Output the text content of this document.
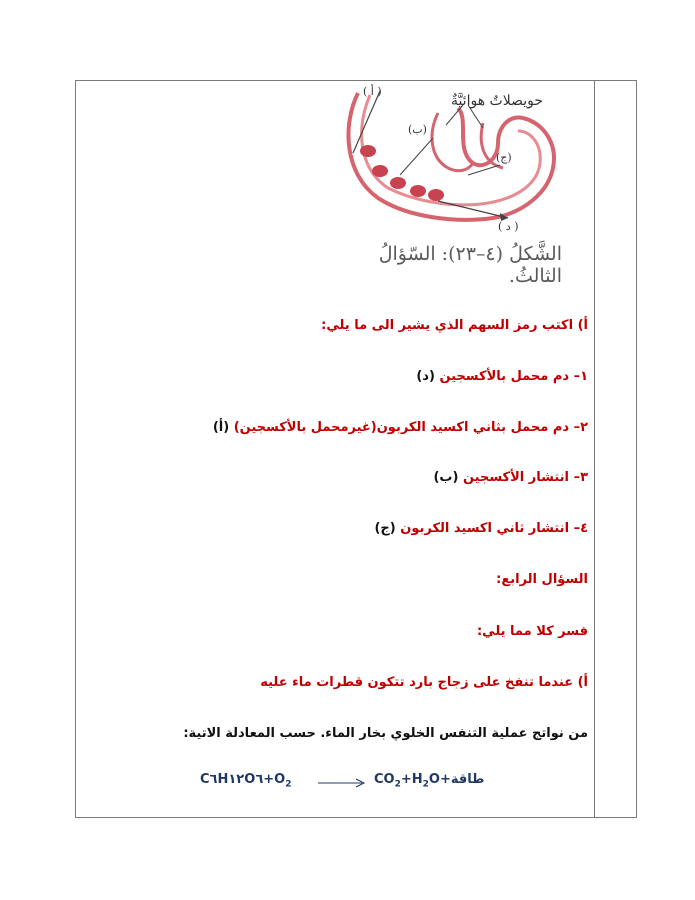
حويصلاتٌ هوائيَّةٌ
( أ )
(ب)
(ج)
( د )
الشَّكلُ (٤–٢٣): السّؤالُ الثالثُ.
أ) اكتب رمز السهم الذي يشير الى ما يلي:
١– دم محمل بالأكسجين (د)
٢– دم محمل بثاني اكسيد الكربون(غيرمحمل بالأكسجين) (أ)
٣– انتشار الأكسجين (ب)
٤– انتشار ثاني اكسيد الكربون (ج)
السؤال الرابع:
فسر كلا مما يلي:
أ) عندما تنفخ على زجاج بارد تتكون قطرات ماء عليه
من نواتج عملية التنفس الخلوي بخار الماء. حسب المعادلة الاتية:
$C٦H١٢O٦+O_2$ → $CO_2+H_2O+طاقة$
